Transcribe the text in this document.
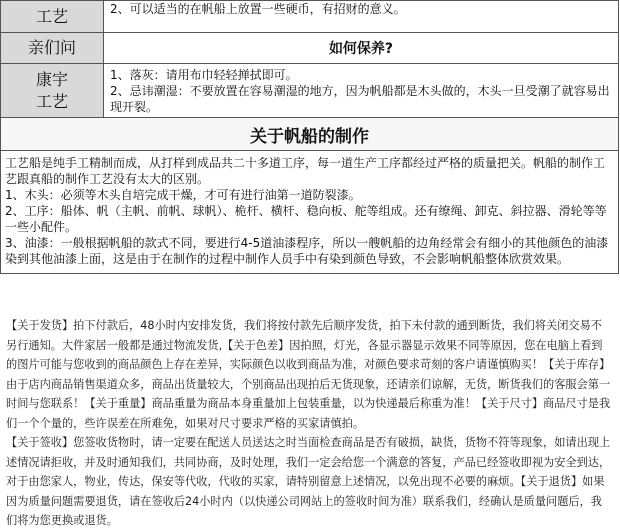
工艺	2、可以适当的在帆船上放置一些硬币，有招财的意义。

亲们问	如何保养?

康宇
工艺	1、落灰：请用布巾轻轻掸拭即可。
2、忌讳潮湿：不要放置在容易潮湿的地方，因为帆船都是木头做的，木头一旦受潮了就容易出现开裂。

关于帆船的制作	

工艺船是纯手工精制而成，从打样到成品共二十多道工序，每一道生产工序都经过严格的质量把关。帆船的制作工艺跟真船的制作工艺没有太大的区别。
1、木头：必须等木头自培完成干燥，才可有进行油第一道防裂漆。
2、工序：船体、帆（主帆、前帆、球帆）、桅杆、横杆、稳向板、舵等组成。还有缭绳、卸克、斜拉器、滑轮等等一些小配件。
3、油漆：一般根据帆船的款式不同，要进行4-5道油漆程序，所以一艘帆船的边角经常会有细小的其他颜色的油漆染到其他油漆上面，这是由于在制作的过程中制作人员手中有染到颜色导致，不会影响帆船整体欣赏效果。	
【关于发货】拍下付款后，48小时内安排发货，我们将按付款先后顺序发货，拍下未付款的通到断货，我们将关闭交易不另行通知。大件家居一般都是通过物流发货,【关于色差】因拍照，灯光，各显示器显示效果不同等原因，您在电脑上看到的图片可能与您收到的商品颜色上存在差异，实际颜色以收到商品为准，对颜色要求苛刻的客户请谨慎购买！【关于库存】由于店内商品销售渠道众多，商品出货量较大，个别商品出现拍后无货现象，还请亲们谅解，无货，断货我们的客服会第一时间与您联系！【关于重量】商品重量为商品本身重量加上包装重量，以为快递最后称重为准！【关于尺寸】商品尺寸是我们一个个量的，些许误差在所难免，如果对尺寸要求严格的买家请慎拍。
【关于签收】您签收货物时，请一定要在配送人员送达之时当面检查商品是否有破损，缺货，货物不符等现象，如请出现上述情况请拒收，并及时通知我们，共同协商，及时处理，我们一定会给您一个满意的答复，产品已经签收即视为安全到达，对于由您家人，物业，传达，保安等代收，代收的买家，请特别留意上述情况，以免出现不必要的麻烦。【关于退货】如果因为质量问题需要退货，请在签收后24小时内（以快递公司网站上的签收时间为准）联系我们，经确认是质量问题后，我们将为您更换或退货。
